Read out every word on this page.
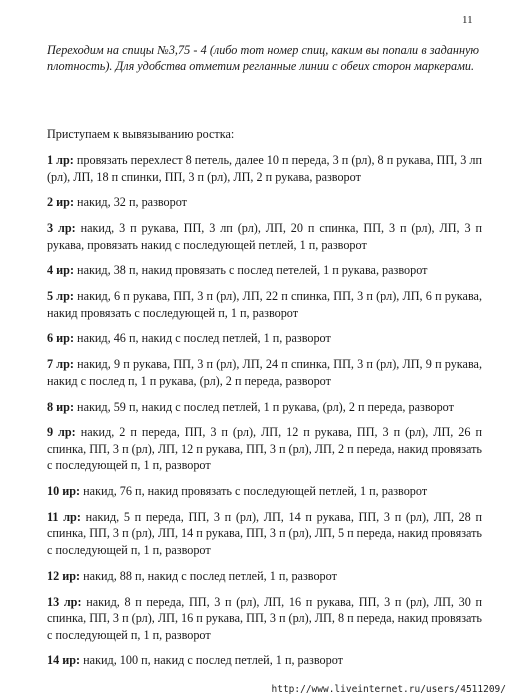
11
Переходим на спицы №3,75 - 4 (либо тот номер спиц, каким вы попали в заданную плотность). Для удобства отметим регланные линии с обеих сторон маркерами.
Приступаем к вывязыванию ростка:

1 лр: провязать перехлест 8 петель, далее 10 п переда, 3 п (рл), 8 п рукава, ПП, 3 лп (рл), ЛП, 18 п спинки, ПП, 3 п (рл), ЛП, 2 п рукава, разворот

2 ир: накид, 32 п, разворот

3 лр: накид, 3 п рукава, ПП, 3 лп (рл), ЛП, 20 п спинка, ПП, 3 п (рл), ЛП, 3 п рукава, провязать накид с последующей петлей, 1 п, разворот

4 ир: накид, 38 п, накид провязать с послед петелей, 1 п рукава, разворот

5 лр: накид, 6 п рукава, ПП, 3 п (рл), ЛП, 22 п спинка, ПП, 3 п (рл), ЛП, 6 п рукава, накид провязать с последующей п, 1 п, разворот

6 ир: накид, 46 п, накид с послед петлей, 1 п, разворот

7 лр: накид, 9 п рукава, ПП, 3 п (рл), ЛП, 24 п спинка, ПП, 3 п (рл), ЛП, 9 п рукава, накид с послед п, 1 п рукава, (рл), 2 п переда, разворот

8 ир: накид, 59 п, накид с послед петлей, 1 п рукава, (рл), 2 п переда, разворот

9 лр: накид, 2 п переда, ПП, 3 п (рл), ЛП, 12 п рукава, ПП, 3 п (рл), ЛП, 26 п спинка, ПП, 3 п (рл), ЛП, 12 п рукава, ПП, 3 п (рл), ЛП, 2 п переда, накид провязать с последующей п, 1 п, разворот

10 ир: накид, 76 п, накид провязать с последующей петлей, 1 п, разворот

11 лр: накид, 5 п переда, ПП, 3 п (рл), ЛП, 14 п рукава, ПП, 3 п (рл), ЛП, 28 п спинка, ПП, 3 п (рл), ЛП, 14 п рукава, ПП, 3 п (рл), ЛП, 5 п переда, накид провязать с последующей п, 1 п, разворот

12 ир: накид, 88 п, накид с послед петлей, 1 п, разворот

13 лр: накид, 8 п переда, ПП, 3 п (рл), ЛП, 16 п рукава, ПП, 3 п (рл), ЛП, 30 п спинка, ПП, 3 п (рл), ЛП, 16 п рукава, ПП, 3 п (рл), ЛП, 8 п переда, накид провязать с последующей п, 1 п, разворот

14 ир: накид, 100 п, накид с послед петлей, 1 п, разворот

http://www.liveinternet.ru/users/4511209/
